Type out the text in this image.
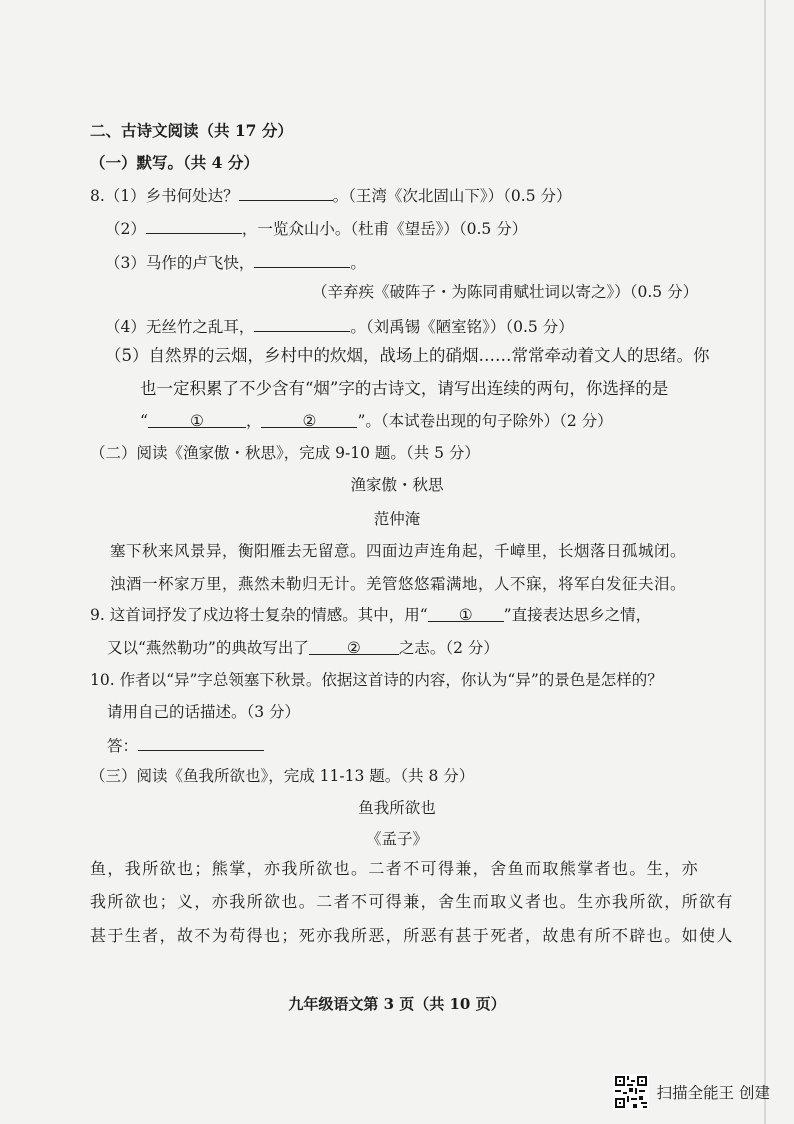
二、古诗文阅读（共 17 分）
（一）默写。（共 4 分）
8.（1）乡书何处达？	。（王湾《次北固山下》）（0.5 分）
（2）	，一览众山小。（杜甫《望岳》）（0.5 分）
（3）马作的卢飞快，	。
（辛弃疾《破阵子・为陈同甫赋壮词以寄之》）（0.5 分）
（4）无丝竹之乱耳，	。（刘禹锡《陋室铭》）（0.5 分）
（5）自然界的云烟，乡村中的炊烟，战场上的硝烟……常常牵动着文人的思绪。你
也一定积累了不少含有“烟”字的古诗文，请写出连续的两句，你选择的是
“	①	，	②	”。（本试卷出现的句子除外）（2 分）
（二）阅读《渔家傲・秋思》，完成 9-10 题。（共 5 分）
渔家傲・秋思
范仲淹
塞下秋来风景异，衡阳雁去无留意。四面边声连角起，千嶂里，长烟落日孤城闭。
浊酒一杯家万里，燕然未勒归无计。羌管悠悠霜满地，人不寐，将军白发征夫泪。
9. 这首词抒发了戍边将士复杂的情感。其中，用“ ① ”直接表达思乡之情，
又以“燕然勒功”的典故写出了 ② 之志。（2 分）
10. 作者以“异”字总领塞下秋景。依据这首诗的内容，你认为“异”的景色是怎样的？
请用自己的话描述。（3 分）
答：
（三）阅读《鱼我所欲也》，完成 11-13 题。（共 8 分）
鱼我所欲也
《孟子》
鱼，我所欲也；熊掌，亦我所欲也。二者不可得兼，舍鱼而取熊掌者也。生，亦
我所欲也；义，亦我所欲也。二者不可得兼，舍生而取义者也。生亦我所欲，所欲有
甚于生者，故不为苟得也；死亦我所恶，所恶有甚于死者，故患有所不辟也。如使人
九年级语文第 3 页（共 10 页）
扫描全能王 创建
